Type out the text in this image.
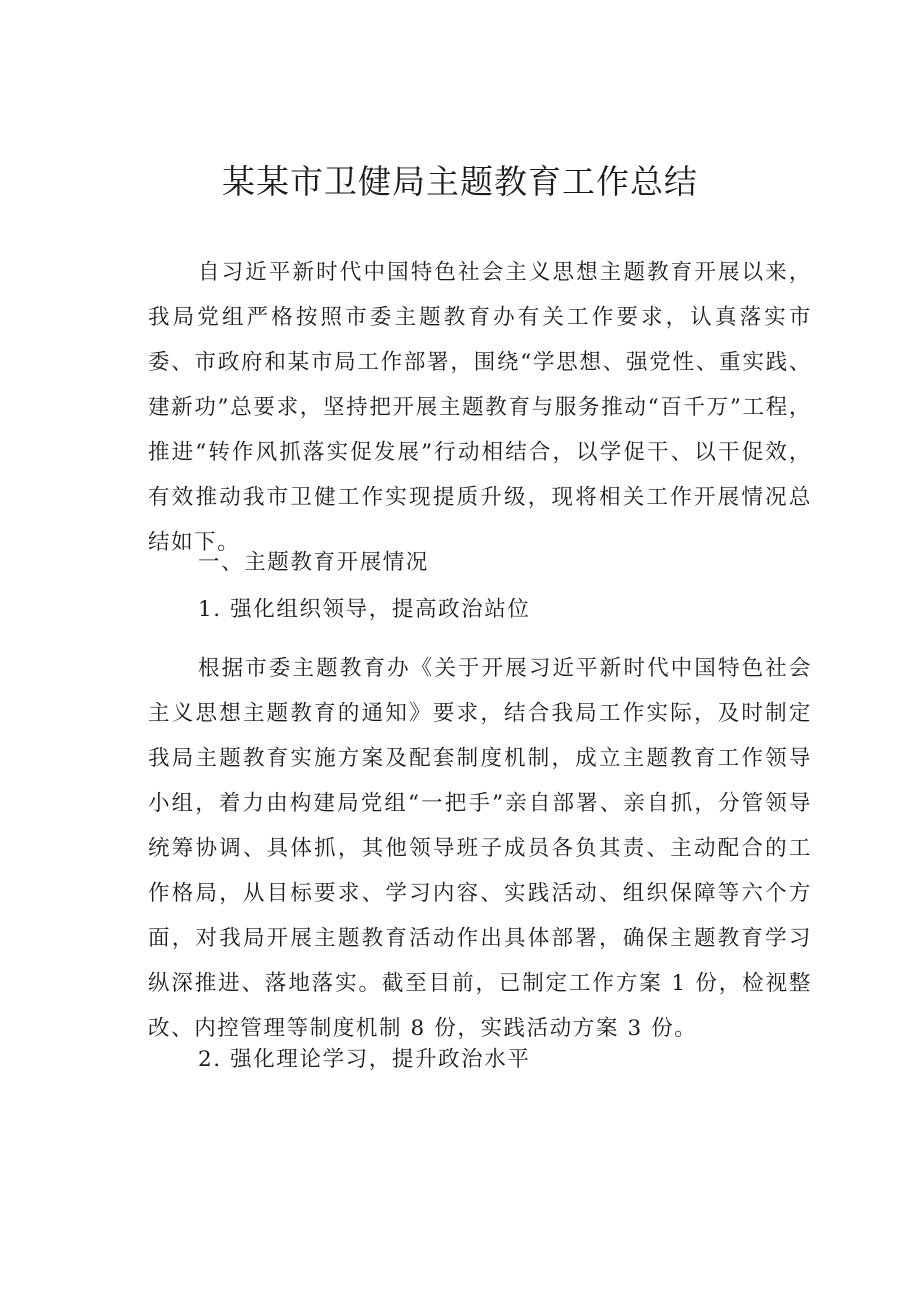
某某市卫健局主题教育工作总结

自习近平新时代中国特色社会主义思想主题教育开展以来，我局党组严格按照市委主题教育办有关工作要求，认真落实市委、市政府和某市局工作部署，围绕“学思想、强党性、重实践、建新功”总要求，坚持把开展主题教育与服务推动“百千万”工程，推进“转作风抓落实促发展”行动相结合，以学促干、以干促效，有效推动我市卫健工作实现提质升级，现将相关工作开展情况总结如下。

一、主题教育开展情况

1. 强化组织领导，提高政治站位

根据市委主题教育办《关于开展习近平新时代中国特色社会主义思想主题教育的通知》要求，结合我局工作实际，及时制定我局主题教育实施方案及配套制度机制，成立主题教育工作领导小组，着力由构建局党组“一把手”亲自部署、亲自抓，分管领导统筹协调、具体抓，其他领导班子成员各负其责、主动配合的工作格局，从目标要求、学习内容、实践活动、组织保障等六个方面，对我局开展主题教育活动作出具体部署，确保主题教育学习纵深推进、落地落实。截至目前，已制定工作方案 1 份，检视整改、内控管理等制度机制 8 份，实践活动方案 3 份。

2. 强化理论学习，提升政治水平
